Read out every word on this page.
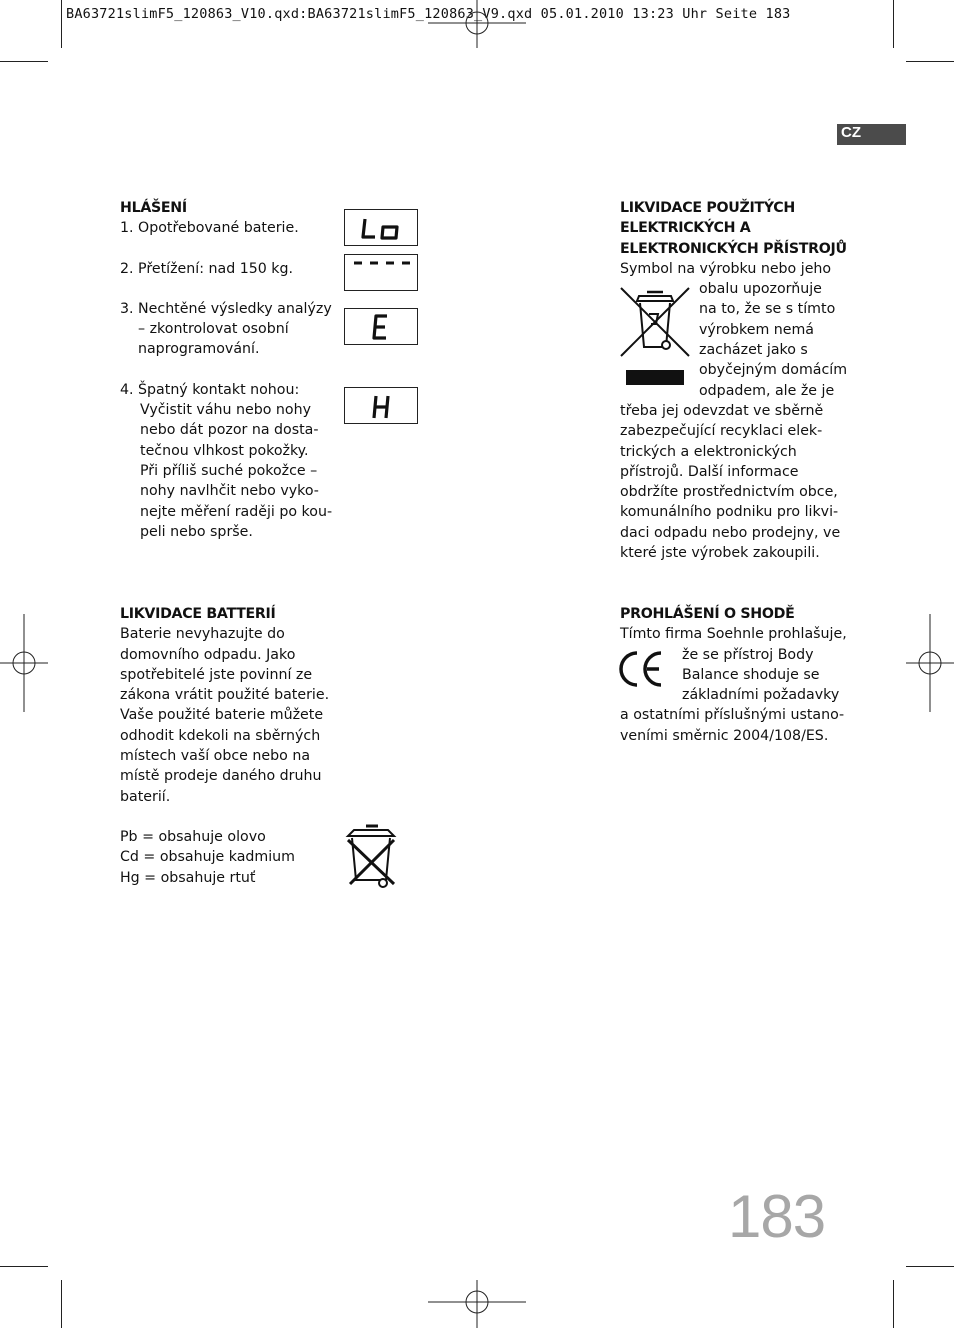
BA63721slimF5_120863_V10.qxd:BA63721slimF5_120863_V9.qxd 05.01.2010 13:23 Uhr Seite 183
CZ
HLÁŠENÍ
1. Opotřebované baterie.
2. Přetížení: nad 150 kg.
3. Nechtěné výsledky analýzy
– zkontrolovat osobní
naprogramování.
4. Špatný kontakt nohou:
Vyčistit váhu nebo nohy
nebo dát pozor na dosta-
tečnou vlhkost pokožky.
Při příliš suché pokožce –
nohy navlhčit nebo vyko-
nejte měření raději po kou-
peli nebo sprše.
LIKVIDACE BATTERIÍ
Baterie nevyhazujte do
domovního odpadu. Jako
spotřebitelé jste povinní ze
zákona vrátit použité baterie.
Vaše použité baterie můžete
odhodit kdekoli na sběrných
místech vaší obce nebo na
místě prodeje daného druhu
baterií.
Pb = obsahuje olovo
Cd = obsahuje kadmium
Hg = obsahuje rtuť
LIKVIDACE POUŽITÝCH
ELEKTRICKÝCH A
ELEKTRONICKÝCH PŘÍSTROJŮ
Symbol na výrobku nebo jeho
obalu upozorňuje
na to, že se s tímto
výrobkem nemá
zacházet jako s
obyčejným domácím
odpadem, ale že je
třeba jej odevzdat ve sběrně
zabezpečující recyklaci elek-
trických a elektronických
přístrojů. Další informace
obdržíte prostřednictvím obce,
komunálního podniku pro likvi-
daci odpadu nebo prodejny, ve
které jste výrobek zakoupili.
PROHLÁŠENÍ O SHODĚ
Tímto firma Soehnle prohlašuje,
že se přístroj Body
Balance shoduje se
základními požadavky
a ostatními příslušnými ustano-
veními směrnic 2004/108/ES.
183
